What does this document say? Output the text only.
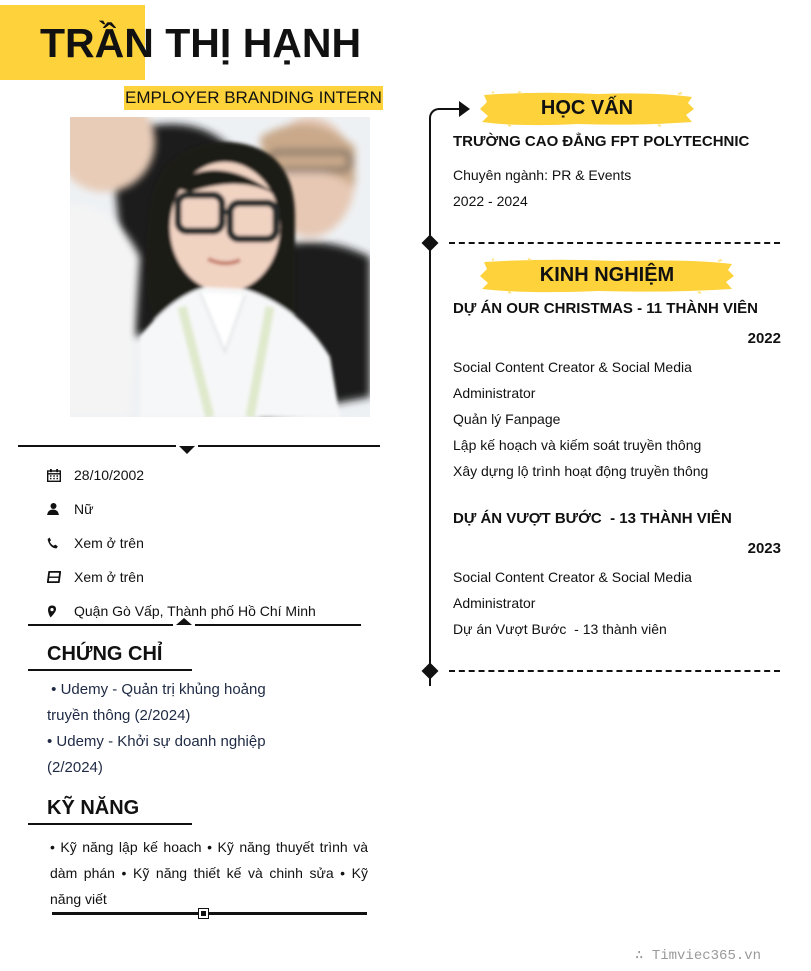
TRẦN THỊ HẠNH
EMPLOYER BRANDING INTERN
28/10/2002
Nữ
Xem ở trên
Xem ở trên
Quận Gò Vấp, Thành phố Hồ Chí Minh
CHỨNG CHỈ
• Udemy - Quản trị khủng hoảng
truyền thông (2/2024)
• Udemy - Khởi sự doanh nghiệp
(2/2024)
KỸ NĂNG
• Kỹ năng lập kế hoach • Kỹ năng thuyết trình và dàm phán • Kỹ năng thiết kế và chinh sửa • Kỹ năng viết
HỌC VẤN
TRƯỜNG CAO ĐẲNG FPT POLYTECHNIC
Chuyên ngành: PR & Events
2022 - 2024
KINH NGHIỆM
DỰ ÁN OUR CHRISTMAS - 11 THÀNH VIÊN
2022
Social Content Creator & Social Media
Administrator
Quản lý Fanpage
Lập kế hoạch và kiếm soát truyền thông
Xây dựng lộ trình hoạt động truyền thông
DỰ ÁN VƯỢT BƯỚC  - 13 THÀNH VIÊN
2023
Social Content Creator & Social Media
Administrator
Dự án Vượt Bước  - 13 thành viên
∴ Timviec365.vn
